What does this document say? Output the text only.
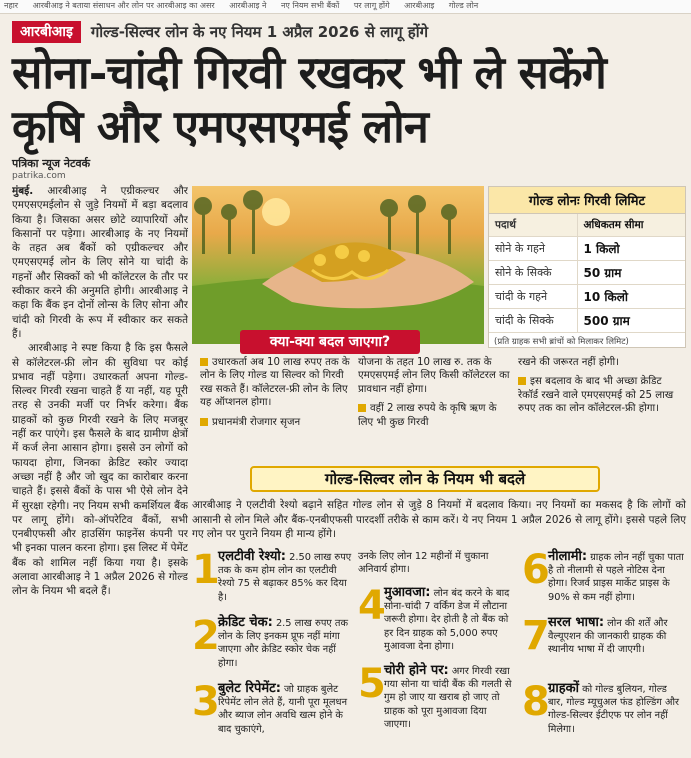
नहार आरबीआइ ने बताया संसाधन और लोन पर आरबीआइ का असर आरबीआइ ने नए नियम सभी बैंकों पर लागू होंगे आरबीआइ गोल्ड लोन
आरबीआइ	गोल्ड-सिल्वर लोन के नए नियम 1 अप्रैल 2026 से लागू होंगे
सोना-चांदी गिरवी रखकर भी ले सकेंगे कृषि और एमएसएमई लोन
पत्रिका न्यूज नेटवर्क
patrika.com

मुंबई. आरबीआइ ने एग्रीकल्चर और एमएसएमईलोन से जुड़े नियमों में बड़ा बदलाव किया है। जिसका असर छोटे व्यापारियों और किसानों पर पड़ेगा। आरबीआइ के नए नियमों के तहत अब बैंकों को एग्रीकल्चर और एमएसएमई लोन के लिए सोने या चांदी के गहनों और सिक्कों को भी कॉलेटरल के तौर पर स्वीकार करने की अनुमति होगी। आरबीआइ ने कहा कि बैंक इन दोनों लोन्स के लिए सोना और चांदी को गिरवी के रूप में स्वीकार कर सकते हैं।

आरबीआइ ने स्पष्ट किया है कि इस फैसले से कॉलेटरल-फ्री लोन की सुविधा पर कोई प्रभाव नहीं पड़ेगा। उधारकर्ता अपना गोल्ड-सिल्वर गिरवी रखना चाहते हैं या नहीं, यह पूरी तरह से उनकी मर्जी पर निर्भर करेगा। बैंक ग्राहकों को कुछ गिरवी रखने के लिए मजबूर नहीं कर पाएंगे। इस फैसले के बाद ग्रामीण क्षेत्रों में कर्ज लेना आसान होगा। इससे उन लोगों को फायदा होगा, जिनका क्रेडिट स्कोर ज्यादा अच्छा नहीं है और जो खुद का कारोबार करना चाहते हैं। इससे बैंकों के पास भी ऐसे लोन देने में सुरक्षा रहेगी। नए नियम सभी कमर्शियल बैंक पर लागू होंगे। को-ऑपरेटिव बैंकों, सभी एनबीएफसी और हाउसिंग फाइनेंस कंपनी पर भी इनका पालन करना होगा। इस लिस्ट में पेमेंट बैंक को शामिल नहीं किया गया है। इसके अलावा आरबीआइ ने 1 अप्रैल 2026 से गोल्ड लोन के नियम भी बदले हैं।

क्या-क्या बदल जाएगा?
गोल्ड लोनः गिरवी लिमिट
पदार्थ	अधिकतम सीमा
सोने के गहने	1 किलो
सोने के सिक्के	50 ग्राम
चांदी के गहने	10 किलो
चांदी के सिक्के	500 ग्राम
(प्रति ग्राहक सभी ब्रांचों को मिलाकर लिमिट)
उधारकर्ता अब 10 लाख रुपए तक के लोन के लिए गोल्ड या सिल्वर को गिरवी रख सकते हैं। कॉलेटरल-फ्री लोन के लिए यह ऑप्शनल होगा।
प्रधानमंत्री रोजगार सृजन
योजना के तहत 10 लाख रु. तक के एमएसएमई लोन लिए किसी कॉलेटरल का प्रावधान नहीं होगा।
वहीं 2 लाख रुपये के कृषि ऋण के लिए भी कुछ गिरवी
रखने की जरूरत नहीं होगी।
इस बदलाव के बाद भी अच्छा क्रेडिट रेकॉर्ड रखने वाले एमएसएमई को 25 लाख रुपए तक का लोन कॉलेटरल-फ्री होगा।
गोल्ड-सिल्वर लोन के नियम भी बदले
आरबीआइ ने एलटीवी रेश्यो बढ़ाने सहित गोल्ड लोन से जुड़े 8 नियमों में बदलाव किया। नए नियमों का मकसद है कि लोगों को आसानी से लोन मिले और बैंक-एनबीएफसी पारदर्शी तरीके से काम करें। ये नए नियम 1 अप्रैल 2026 से लागू होंगे। इससे पहले लिए गए लोन पर पुराने नियम ही मान्य होंगे।
1
एलटीवी रेश्यो: 2.50 लाख रुपए तक के कम होम लोन का एलटीवी रेश्यो 75 से बढ़ाकर 85% कर दिया है।
2
क्रेडिट चेक: 2.5 लाख रुपए तक लोन के लिए इनकम प्रूफ नहीं मांगा जाएगा और क्रेडिट स्कोर चेक नहीं होगा।
3
बुलेट रिपेमेंट: जो ग्राहक बुलेट रिपेमेंट लोन लेते हैं, यानी पूरा मूलधन और ब्याज लोन अवधि खत्म होने के बाद चुकाएंगे,
उनके लिए लोन 12 महीनों में चुकाना अनिवार्य होगा।
4
मुआवजा: लोन बंद करने के बाद सोना-चांदी 7 वर्किंग डेज में लौटाना जरूरी होगा। देर होती है तो बैंक को हर दिन ग्राहक को 5,000 रुपए मुआवजा देना होगा।
5
चोरी होने पर: अगर गिरवी रखा गया सोना या चांदी बैंक की गलती से गुम हो जाए या खराब हो जाए तो ग्राहक को पूरा मुआवजा दिया जाएगा।
6
नीलामी: ग्राहक लोन नहीं चुका पाता है तो नीलामी से पहले नोटिस देना होगा। रिजर्व प्राइस मार्केट प्राइस के 90% से कम नहीं होगा।
7
सरल भाषा: लोन की शर्तें और वैल्यूएशन की जानकारी ग्राहक की स्थानीय भाषा में दी जाएगी।
8
ग्राहकों को गोल्ड बुलियन, गोल्ड बार, गोल्ड म्यूचुअल फंड होल्डिंग और गोल्ड-सिल्वर ईटीएफ पर लोन नहीं मिलेगा।
